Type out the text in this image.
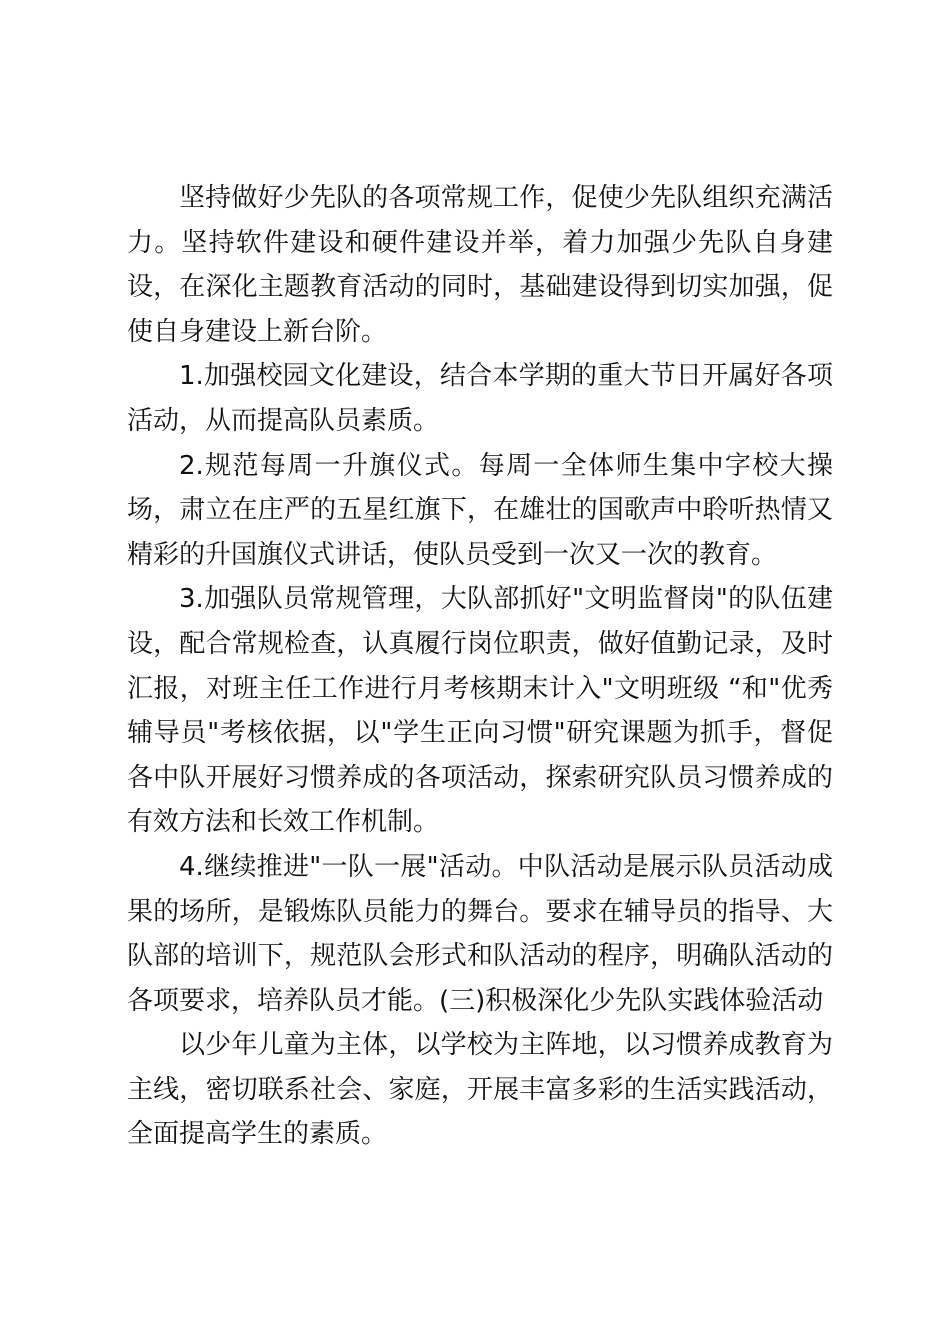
坚持做好少先队的各项常规工作，促使少先队组织充满活力。坚持软件建设和硬件建设并举，着力加强少先队自身建设，在深化主题教育活动的同时，基础建设得到切实加强，促使自身建设上新台阶。

1.加强校园文化建设，结合本学期的重大节日开属好各项活动，从而提高队员素质。

2.规范每周一升旗仪式。每周一全体师生集中字校大操场，肃立在庄严的五星红旗下，在雄壮的国歌声中聆听热情又精彩的升国旗仪式讲话，使队员受到一次又一次的教育。

3.加强队员常规管理，大队部抓好"文明监督岗"的队伍建设，配合常规检查，认真履行岗位职责，做好值勤记录，及时汇报，对班主任工作进行月考核期末计入"文明班级 “和"优秀辅导员"考核依据，以"学生正向习惯"研究课题为抓手，督促各中队开展好习惯养成的各项活动，探索研究队员习惯养成的有效方法和长效工作机制。

4.继续推进"一队一展"活动。中队活动是展示队员活动成果的场所，是锻炼队员能力的舞台。要求在辅导员的指导、大队部的培训下，规范队会形式和队活动的程序，明确队活动的各项要求，培养队员才能。(三)积极深化少先队实践体验活动

以少年儿童为主体，以学校为主阵地，以习惯养成教育为主线，密切联系社会、家庭，开展丰富多彩的生活实践活动，全面提高学生的素质。
